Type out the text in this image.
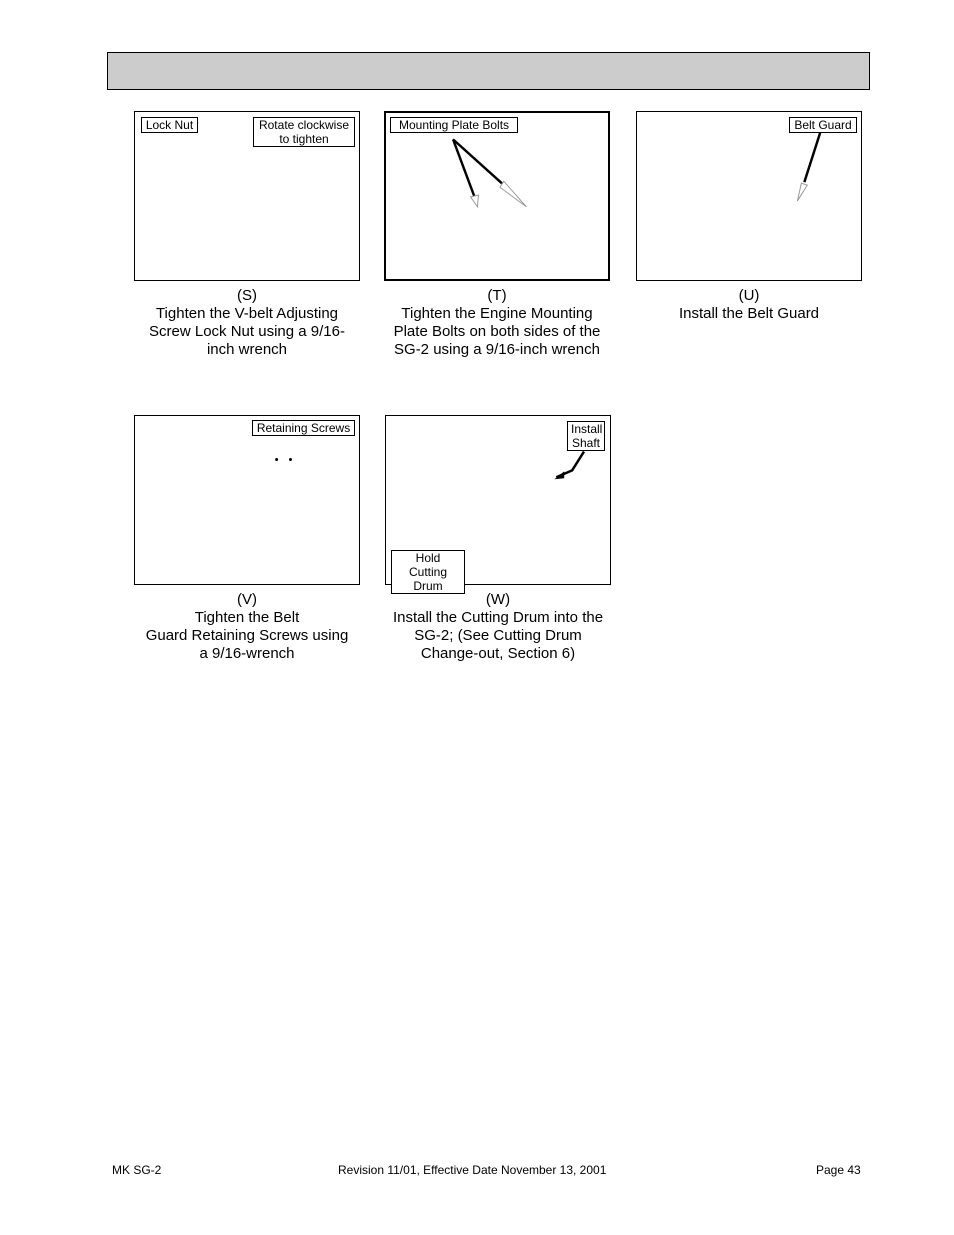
Lock Nut	Rotate clockwise to tighten
(S)
Tighten the V-belt Adjusting
Screw Lock Nut using a 9/16-
inch wrench
Mounting Plate Bolts
(T)
Tighten the Engine Mounting
Plate Bolts on both sides of the
SG-2 using a 9/16-inch wrench
Belt Guard
(U)
Install the Belt Guard
Retaining Screws
(V)
Tighten the Belt
Guard Retaining Screws using
a 9/16-wrench
Install Shaft
Hold Cutting Drum
(W)
Install the Cutting Drum into the
SG-2; (See Cutting Drum
Change-out, Section 6)
MK SG-2	Revision 11/01, Effective Date November 13, 2001	Page 43
